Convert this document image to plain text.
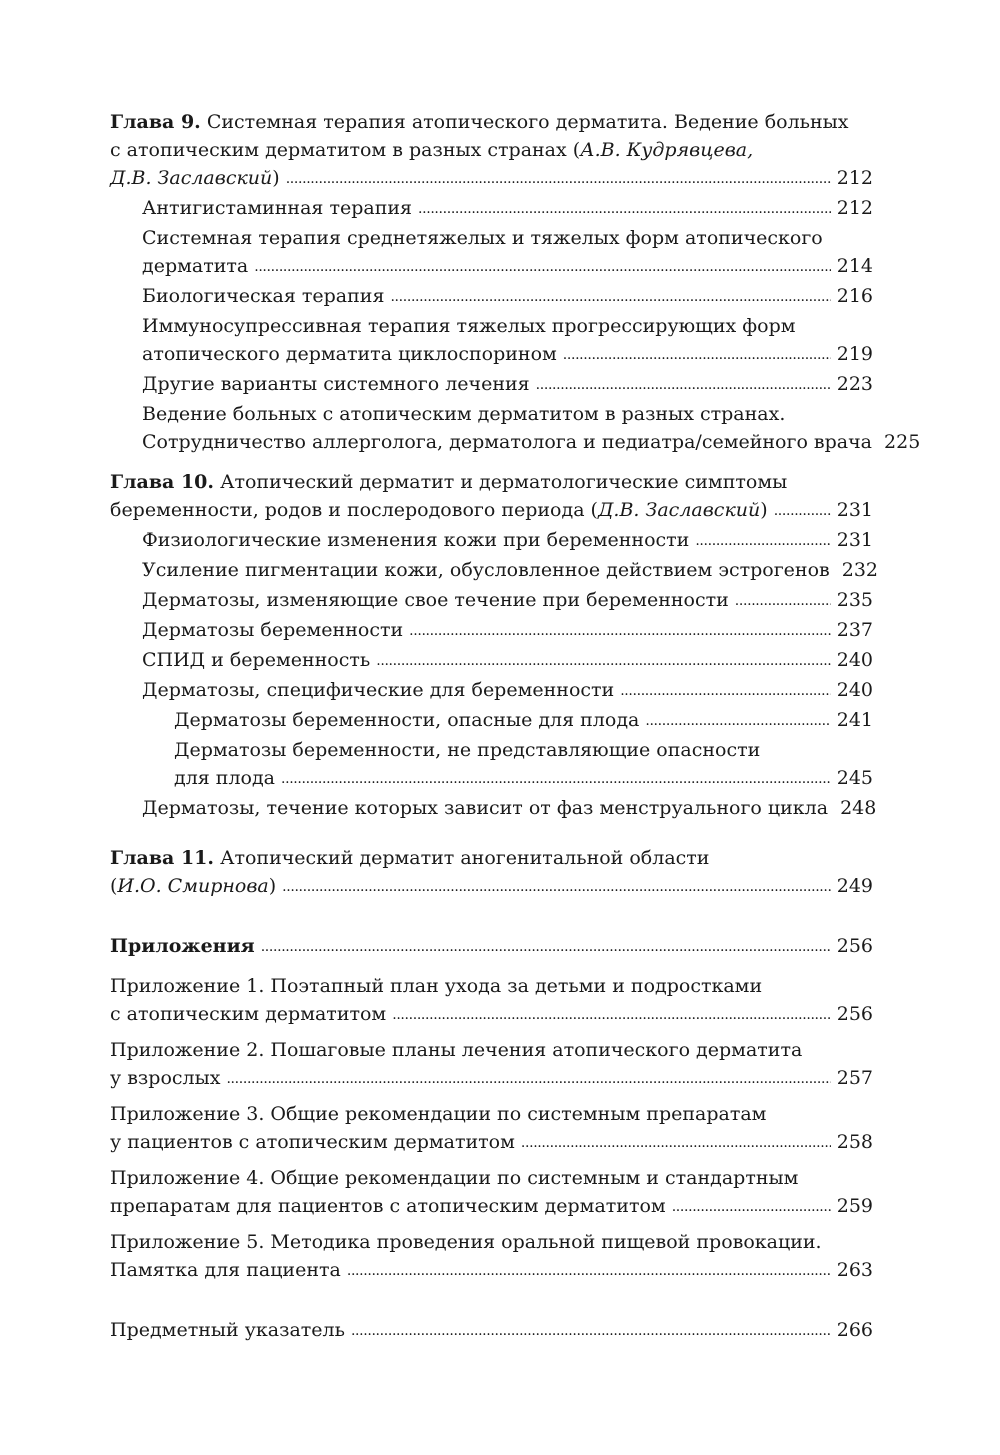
Глава 9. Системная терапия атопического дерматита. Ведение больных
с атопическим дерматитом в разных странах (А.В. Кудрявцева,
Д.В. Заславский) . . .	212
Антигистаминная терапия . . .	212
Системная терапия среднетяжелых и тяжелых форм атопического
дерматита . . .	214
Биологическая терапия . . .	216
Иммуносупрессивная терапия тяжелых прогрессирующих форм
атопического дерматита циклоспорином . . .	219
Другие варианты системного лечения . . .	223
Ведение больных с атопическим дерматитом в разных странах.
Сотрудничество аллерголога, дерматолога и педиатра/семейного врача 225
Глава 10. Атопический дерматит и дерматологические симптомы
беременности, родов и послеродового периода (Д.В. Заславский) . . .	231
Физиологические изменения кожи при беременности . . .	231
Усиление пигментации кожи, обусловленное действием эстрогенов 232
Дерматозы, изменяющие свое течение при беременности . . .	235
Дерматозы беременности . . .	237
СПИД и беременность . . .	240
Дерматозы, специфические для беременности . . .	240
Дерматозы беременности, опасные для плода . . .	241
Дерматозы беременности, не представляющие опасности
для плода . . .	245
Дерматозы, течение которых зависит от фаз менструального цикла 248
Глава 11. Атопический дерматит аногенитальной области
(И.О. Смирнова) . . .	249
Приложения . . .	256
Приложение 1. Поэтапный план ухода за детьми и подростками
с атопическим дерматитом . . .	256
Приложение 2. Пошаговые планы лечения атопического дерматита
у взрослых . . .	257
Приложение 3. Общие рекомендации по системным препаратам
у пациентов с атопическим дерматитом . . .	258
Приложение 4. Общие рекомендации по системным и стандартным
препаратам для пациентов с атопическим дерматитом . . .	259
Приложение 5. Методика проведения оральной пищевой провокации.
Памятка для пациента . . .	263
Предметный указатель . . .	266
